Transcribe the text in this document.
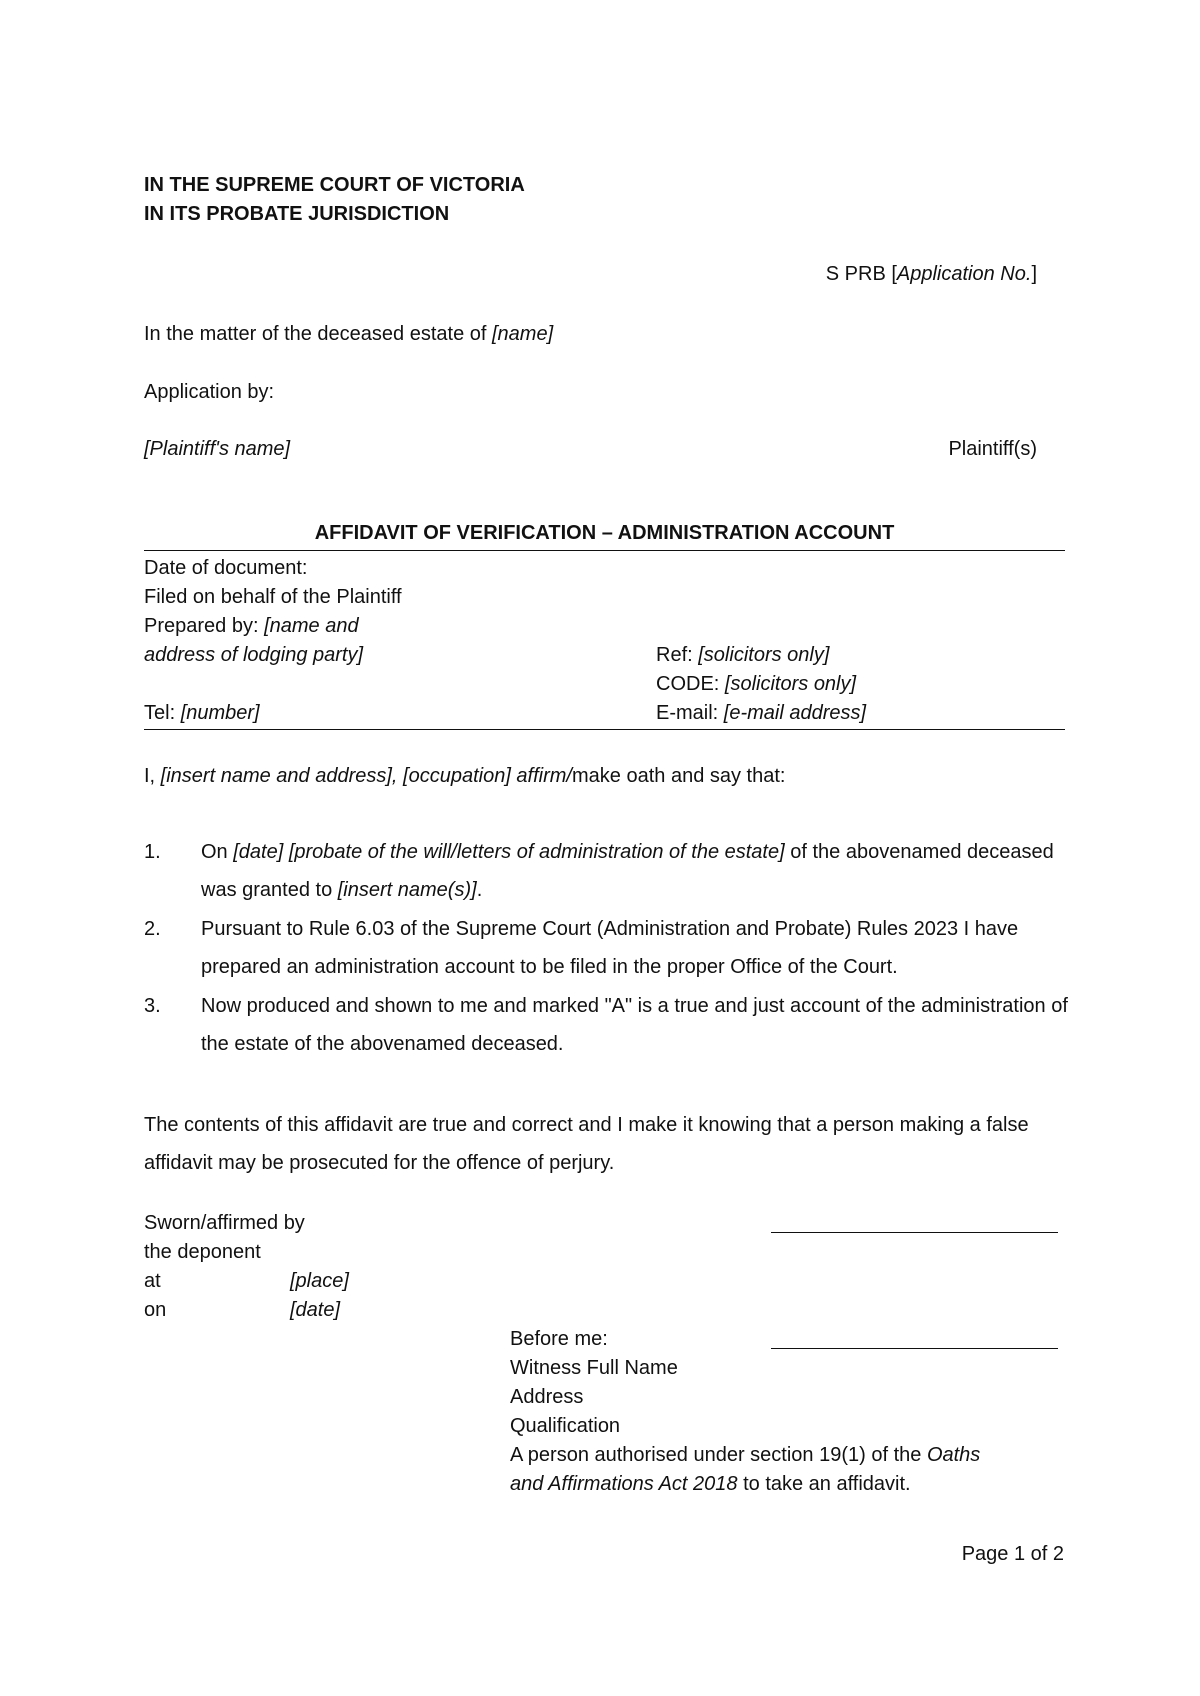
IN THE SUPREME COURT OF VICTORIA
IN ITS PROBATE JURISDICTION
S PRB [Application No.]
In the matter of the deceased estate of [name]
Application by:
[Plaintiff's name]	Plaintiff(s)
AFFIDAVIT OF VERIFICATION – ADMINISTRATION ACCOUNT
Date of document:
Filed on behalf of the Plaintiff
Prepared by: [name and
address of lodging party]	Ref: [solicitors only]
CODE: [solicitors only]
Tel: [number]	E-mail: [e-mail address]
I, [insert name and address], [occupation] affirm/make oath and say that:
1. On [date] [probate of the will/letters of administration of the estate] of the abovenamed deceased was granted to [insert name(s)].
2. Pursuant to Rule 6.03 of the Supreme Court (Administration and Probate) Rules 2023 I have prepared an administration account to be filed in the proper Office of the Court.
3. Now produced and shown to me and marked "A" is a true and just account of the administration of the estate of the abovenamed deceased.
The contents of this affidavit are true and correct and I make it knowing that a person making a false affidavit may be prosecuted for the offence of perjury.
Sworn/affirmed by
the deponent
at	[place]
on	[date]
Before me:
Witness Full Name
Address
Qualification
A person authorised under section 19(1) of the Oaths
and Affirmations Act 2018 to take an affidavit.
Page 1 of 2
